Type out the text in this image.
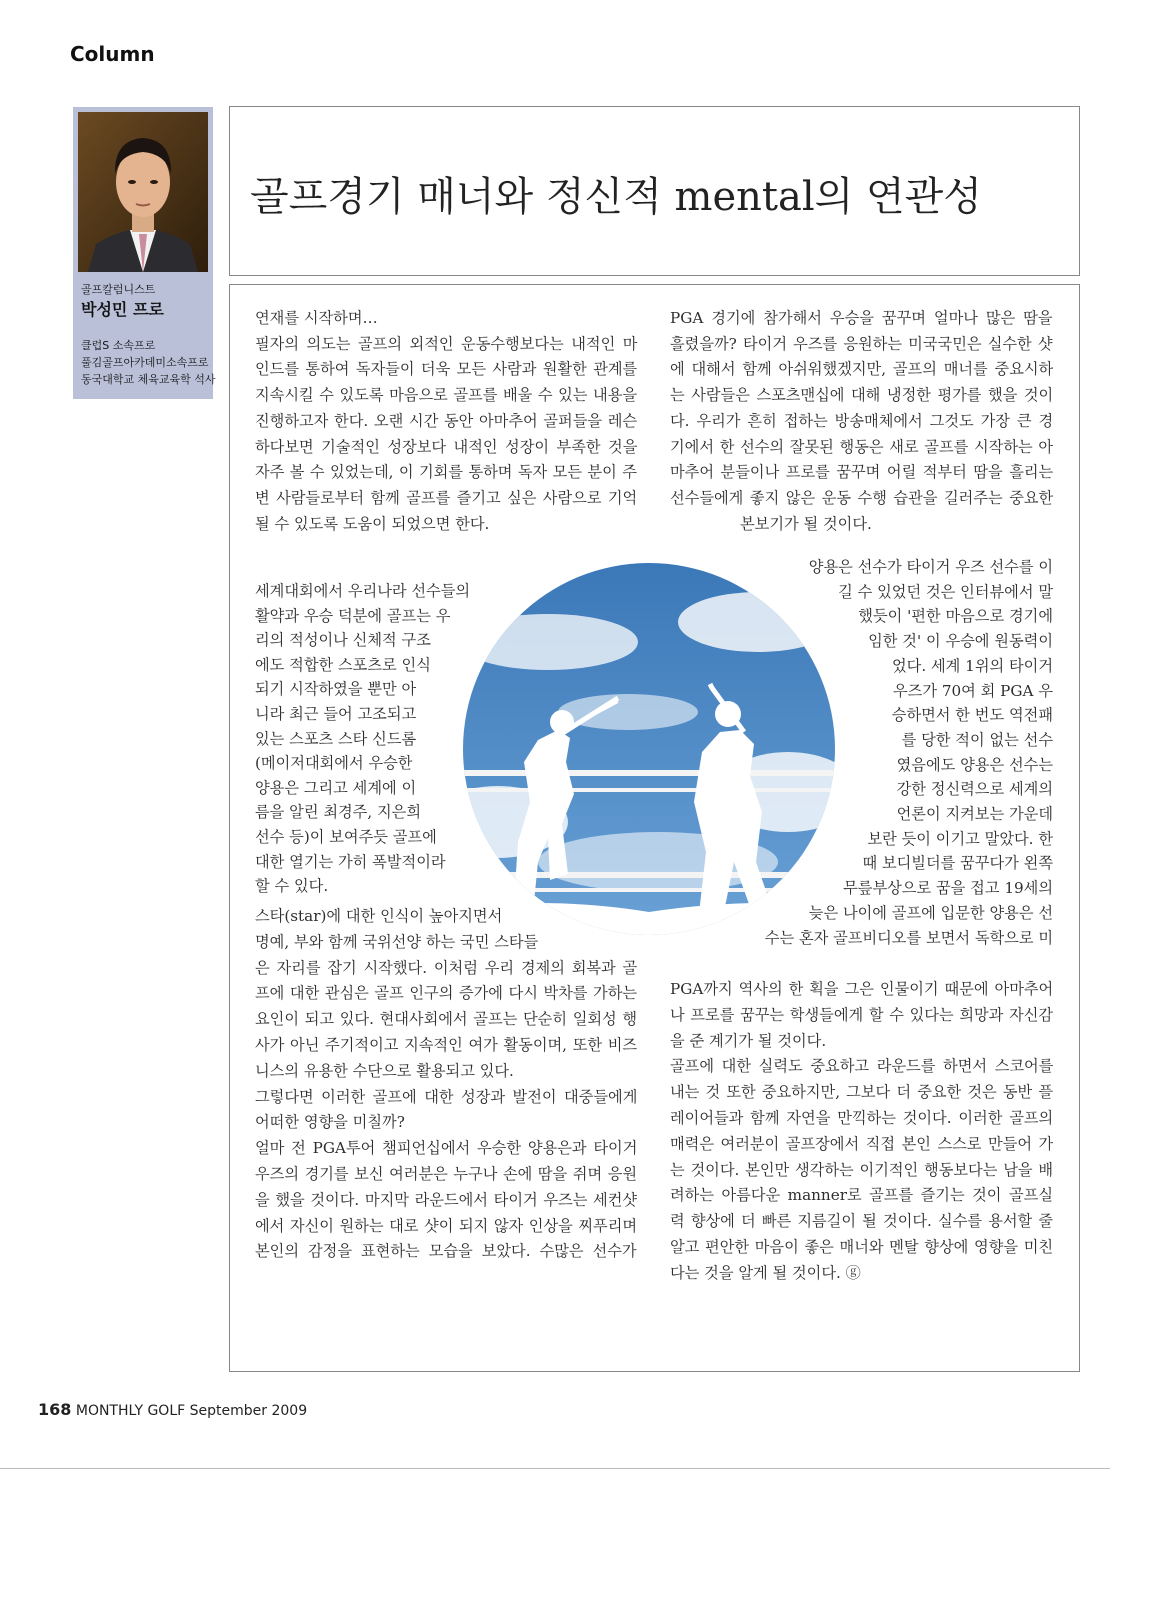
Column
골프칼럼니스트
박성민 프로
클럽S 소속프로
풀김골프아카데미소속프로
동국대학교 체육교육학 석사
골프경기 매너와 정신적 mental의 연관성
연재를 시작하며…
필자의 의도는 골프의 외적인 운동수행보다는 내적인 마
인드를 통하여 독자들이 더욱 모든 사람과 원활한 관계를
지속시킬 수 있도록 마음으로 골프를 배울 수 있는 내용을
진행하고자 한다. 오랜 시간 동안 아마추어 골퍼들을 레슨
하다보면 기술적인 성장보다 내적인 성장이 부족한 것을
자주 볼 수 있었는데, 이 기회를 통하며 독자 모든 분이 주
변 사람들로부터 함께 골프를 즐기고 싶은 사람으로 기억
될 수 있도록 도움이 되었으면 한다.
세계대회에서 우리나라 선수들의
활약과 우승 덕분에 골프는 우
리의 적성이나 신체적 구조
에도 적합한 스포츠로 인식
되기 시작하였을 뿐만 아
니라 최근 들어 고조되고
있는 스포츠 스타 신드롬
(메이저대회에서 우승한
양용은 그리고 세계에 이
름을 알린 최경주, 지은희
선수 등)이 보여주듯 골프에
대한 열기는 가히 폭발적이라
할 수 있다.
스타(star)에 대한 인식이 높아지면서
명예, 부와 함께 국위선양 하는 국민 스타들
은 자리를 잡기 시작했다. 이처럼 우리 경제의 회복과 골
프에 대한 관심은 골프 인구의 증가에 다시 박차를 가하는
요인이 되고 있다. 현대사회에서 골프는 단순히 일회성 행
사가 아닌 주기적이고 지속적인 여가 활동이며, 또한 비즈
니스의 유용한 수단으로 활용되고 있다.
그렇다면 이러한 골프에 대한 성장과 발전이 대중들에게
어떠한 영향을 미칠까?
얼마 전 PGA투어 챔피언십에서 우승한 양용은과 타이거
우즈의 경기를 보신 여러분은 누구나 손에 땀을 쥐며 응원
을 했을 것이다. 마지막 라운드에서 타이거 우즈는 세컨샷
에서 자신이 원하는 대로 샷이 되지 않자 인상을 찌푸리며
본인의 감정을 표현하는 모습을 보았다. 수많은 선수가
PGA 경기에 참가해서 우승을 꿈꾸며 얼마나 많은 땀을
흘렸을까? 타이거 우즈를 응원하는 미국국민은 실수한 샷
에 대해서 함께 아쉬워했겠지만, 골프의 매너를 중요시하
는 사람들은 스포츠맨십에 대해 냉정한 평가를 했을 것이
다. 우리가 흔히 접하는 방송매체에서 그것도 가장 큰 경
기에서 한 선수의 잘못된 행동은 새로 골프를 시작하는 아
마추어 분들이나 프로를 꿈꾸며 어릴 적부터 땀을 흘리는
선수들에게 좋지 않은 운동 수행 습관을 길러주는 중요한
본보기가 될 것이다.
양용은 선수가 타이거 우즈 선수를 이
길 수 있었던 것은 인터뷰에서 말
했듯이 '편한 마음으로 경기에
임한 것' 이 우승에 원동력이
었다. 세계 1위의 타이거
우즈가 70여 회 PGA 우
승하면서 한 번도 역전패
를 당한 적이 없는 선수
였음에도 양용은 선수는
강한 정신력으로 세계의
언론이 지켜보는 가운데
보란 듯이 이기고 말았다. 한
때 보디빌더를 꿈꾸다가 왼쪽
무릎부상으로 꿈을 접고 19세의
늦은 나이에 골프에 입문한 양용은 선
수는 혼자 골프비디오를 보면서 독학으로 미
PGA까지 역사의 한 획을 그은 인물이기 때문에 아마추어
나 프로를 꿈꾸는 학생들에게 할 수 있다는 희망과 자신감
을 준 계기가 될 것이다.
골프에 대한 실력도 중요하고 라운드를 하면서 스코어를
내는 것 또한 중요하지만, 그보다 더 중요한 것은 동반 플
레이어들과 함께 자연을 만끽하는 것이다. 이러한 골프의
매력은 여러분이 골프장에서 직접 본인 스스로 만들어 가
는 것이다. 본인만 생각하는 이기적인 행동보다는 남을 배
려하는 아름다운 manner로 골프를 즐기는 것이 골프실
력 향상에 더 빠른 지름길이 될 것이다. 실수를 용서할 줄
알고 편안한 마음이 좋은 매너와 멘탈 향상에 영향을 미친
다는 것을 알게 될 것이다. ⓖ
168 MONTHLY GOLF September 2009
